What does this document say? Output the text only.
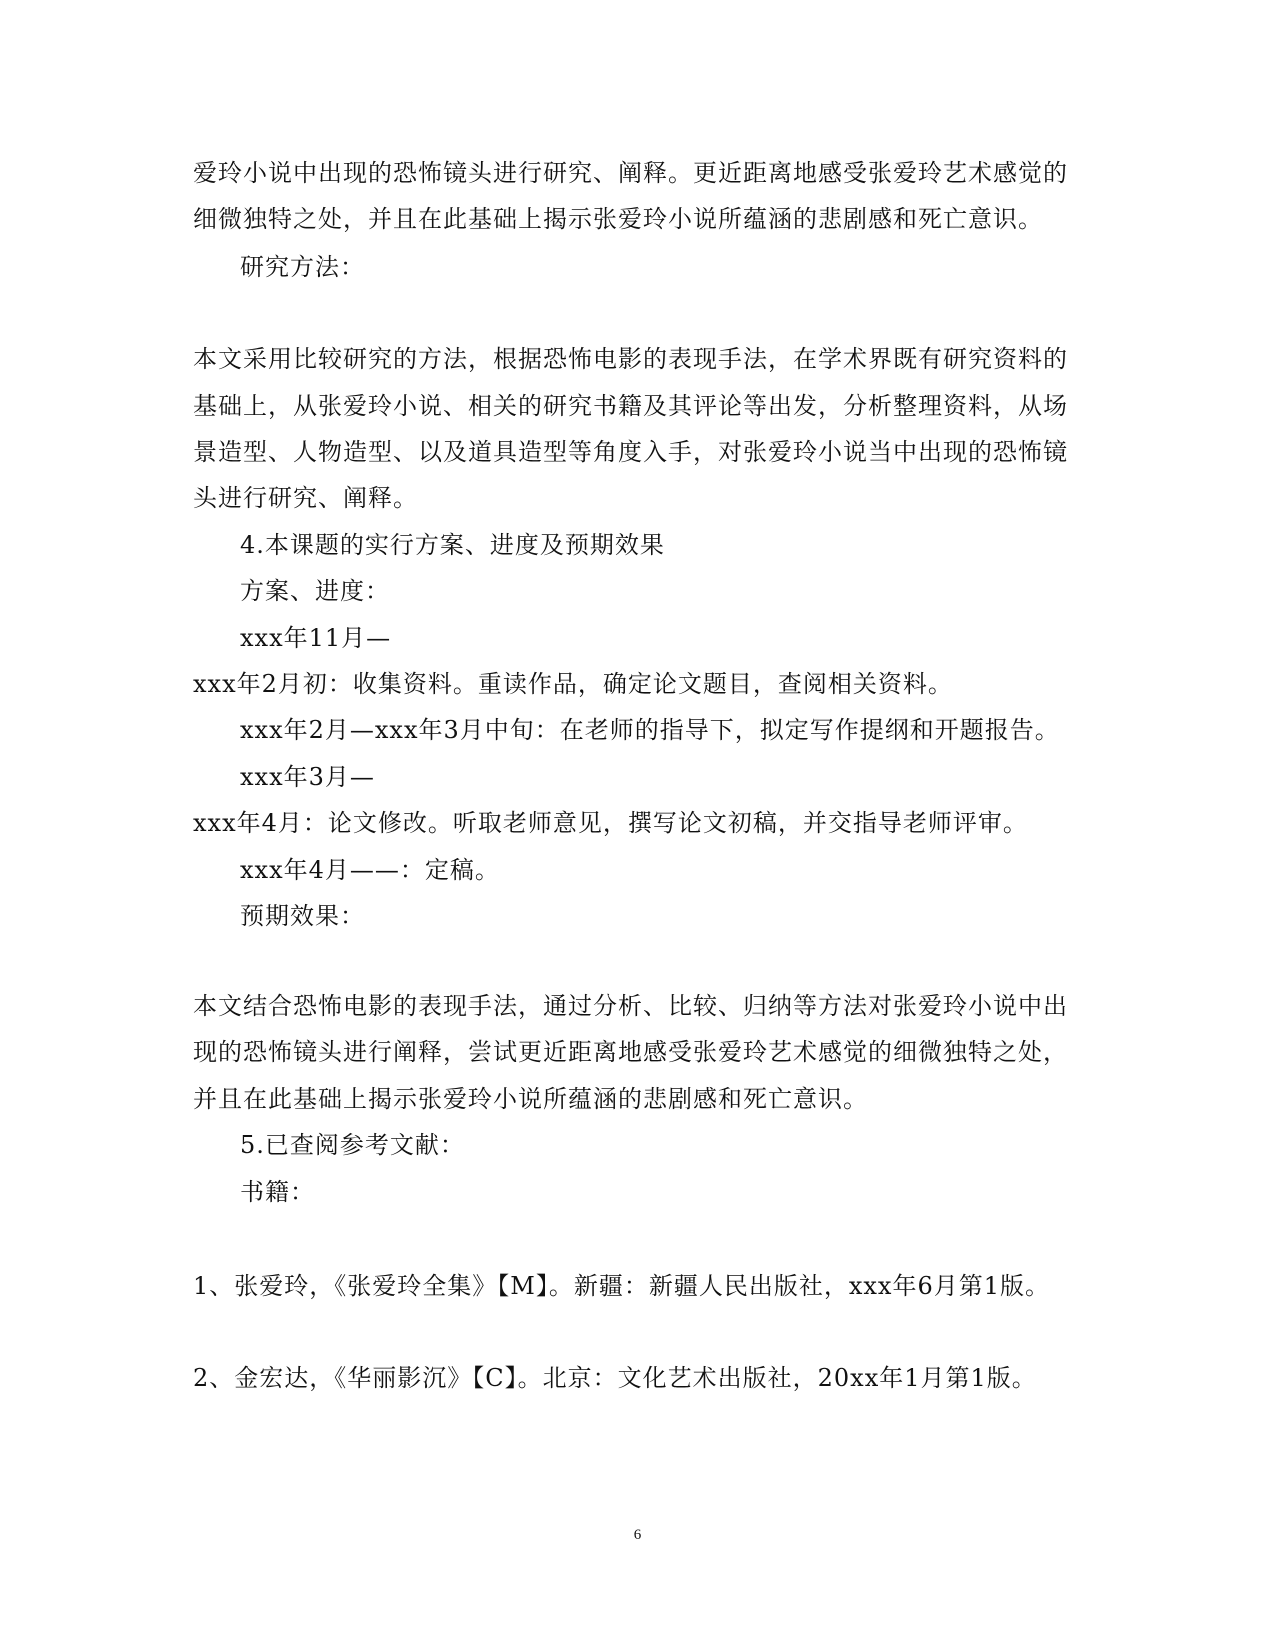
爱玲小说中出现的恐怖镜头进行研究、阐释。更近距离地感受张爱玲艺术感觉的
细微独特之处，并且在此基础上揭示张爱玲小说所蕴涵的悲剧感和死亡意识。
研究方法：
本文采用比较研究的方法，根据恐怖电影的表现手法，在学术界既有研究资料的
基础上，从张爱玲小说、相关的研究书籍及其评论等出发，分析整理资料，从场
景造型、人物造型、以及道具造型等角度入手，对张爱玲小说当中出现的恐怖镜
头进行研究、阐释。
4.本课题的实行方案、进度及预期效果
方案、进度：
xxx年11月—
xxx年2月初：收集资料。重读作品，确定论文题目，查阅相关资料。
xxx年2月—xxx年3月中旬：在老师的指导下，拟定写作提纲和开题报告。
xxx年3月—
xxx年4月：论文修改。听取老师意见，撰写论文初稿，并交指导老师评审。
xxx年4月——：定稿。
预期效果：
本文结合恐怖电影的表现手法，通过分析、比较、归纳等方法对张爱玲小说中出
现的恐怖镜头进行阐释，尝试更近距离地感受张爱玲艺术感觉的细微独特之处，
并且在此基础上揭示张爱玲小说所蕴涵的悲剧感和死亡意识。
5.已查阅参考文献：
书籍：
1、张爱玲，《张爱玲全集》【M】。新疆：新疆人民出版社，xxx年6月第1版。
2、金宏达，《华丽影沉》【C】。北京：文化艺术出版社，20xx年1月第1版。
6
